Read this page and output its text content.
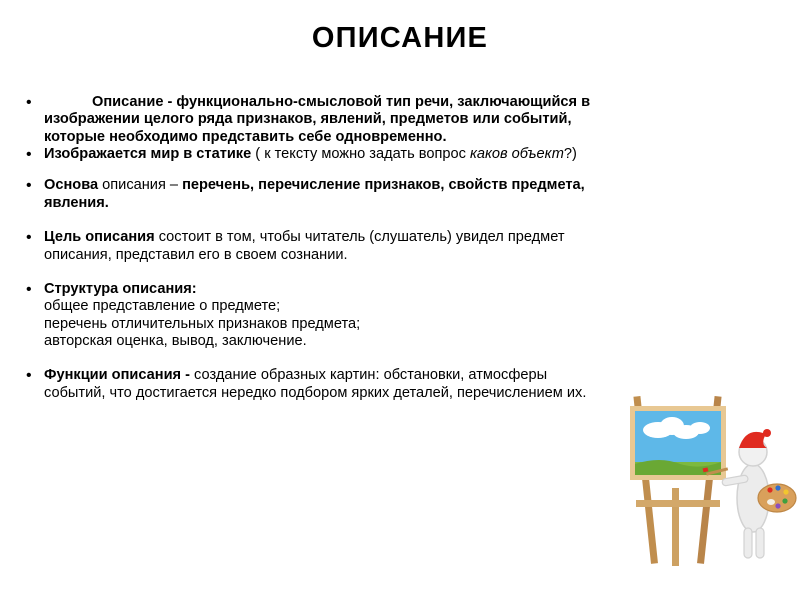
ОПИСАНИЕ
• Описание - функционально-смысловой тип речи, заключающийся в изображении целого ряда признаков, явлений, предметов или событий, которые необходимо представить себе одновременно.
• Изображается мир в статике ( к тексту можно задать вопрос каков объект?)
• Основа описания – перечень, перечисление признаков, свойств предмета, явления.
• Цель описания состоит в том, чтобы читатель (слушатель) увидел предмет описания, представил его в своем сознании.
• Структура описания:
общее представление о предмете;
перечень отличительных признаков предмета;
авторская оценка, вывод, заключение.
• Функции описания - создание образных картин: обстановки, атмосферы событий, что достигается нередко подбором ярких деталей, перечислением их.
